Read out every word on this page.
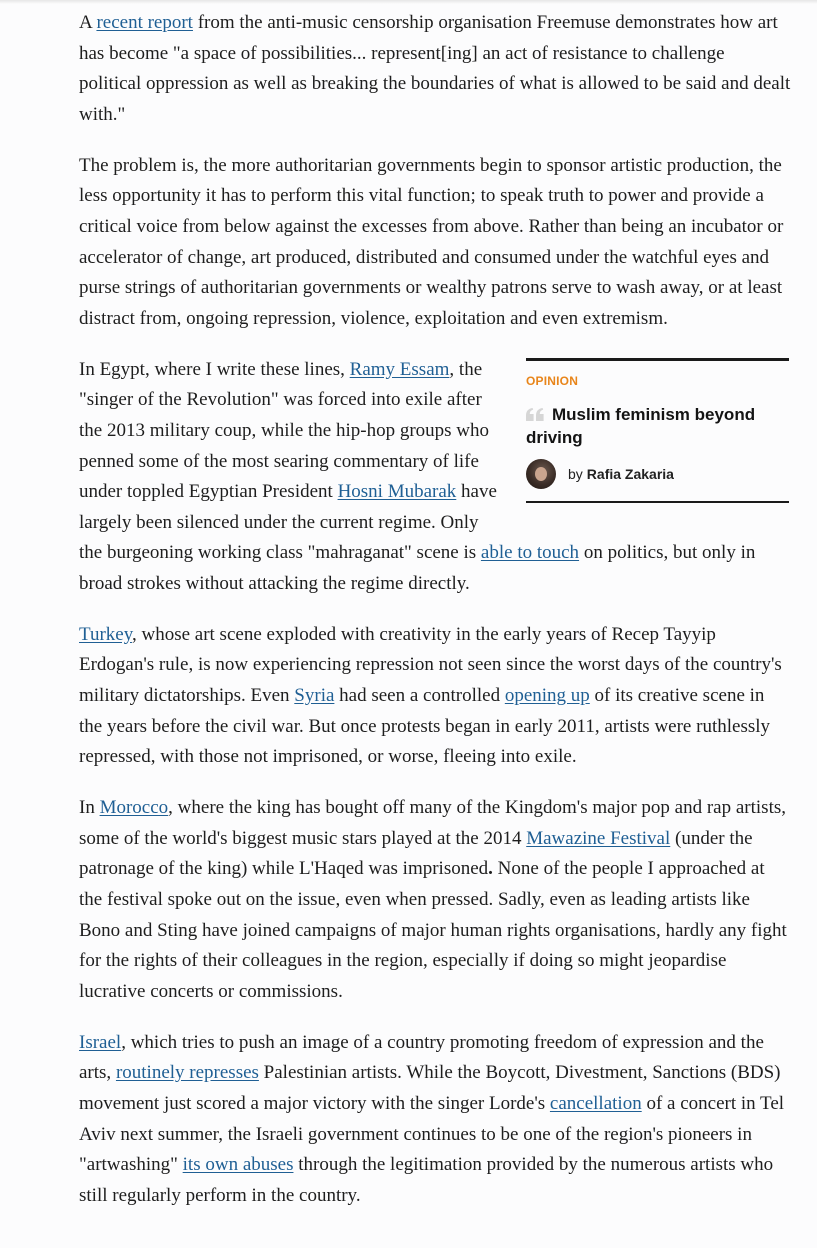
A recent report from the anti-music censorship organisation Freemuse demonstrates how art has become "a space of possibilities... represent[ing] an act of resistance to challenge political oppression as well as breaking the boundaries of what is allowed to be said and dealt with."

The problem is, the more authoritarian governments begin to sponsor artistic production, the less opportunity it has to perform this vital function; to speak truth to power and provide a critical voice from below against the excesses from above. Rather than being an incubator or accelerator of change, art produced, distributed and consumed under the watchful eyes and purse strings of authoritarian governments or wealthy patrons serve to wash away, or at least distract from, ongoing repression, violence, exploitation and even extremism.

OPINION
Muslim feminism beyond driving
by Rafia Zakaria

In Egypt, where I write these lines, Ramy Essam, the "singer of the Revolution" was forced into exile after the 2013 military coup, while the hip-hop groups who penned some of the most searing commentary of life under toppled Egyptian President Hosni Mubarak have largely been silenced under the current regime. Only the burgeoning working class "mahraganat" scene is able to touch on politics, but only in broad strokes without attacking the regime directly.

Turkey, whose art scene exploded with creativity in the early years of Recep Tayyip Erdogan's rule, is now experiencing repression not seen since the worst days of the country's military dictatorships. Even Syria had seen a controlled opening up of its creative scene in the years before the civil war. But once protests began in early 2011, artists were ruthlessly repressed, with those not imprisoned, or worse, fleeing into exile.

In Morocco, where the king has bought off many of the Kingdom's major pop and rap artists, some of the world's biggest music stars played at the 2014 Mawazine Festival (under the patronage of the king) while L'Haqed was imprisoned. None of the people I approached at the festival spoke out on the issue, even when pressed. Sadly, even as leading artists like Bono and Sting have joined campaigns of major human rights organisations, hardly any fight for the rights of their colleagues in the region, especially if doing so might jeopardise lucrative concerts or commissions.

Israel, which tries to push an image of a country promoting freedom of expression and the arts, routinely represses Palestinian artists. While the Boycott, Divestment, Sanctions (BDS) movement just scored a major victory with the singer Lorde's cancellation of a concert in Tel Aviv next summer, the Israeli government continues to be one of the region's pioneers in "artwashing" its own abuses through the legitimation provided by the numerous artists who still regularly perform in the country.
